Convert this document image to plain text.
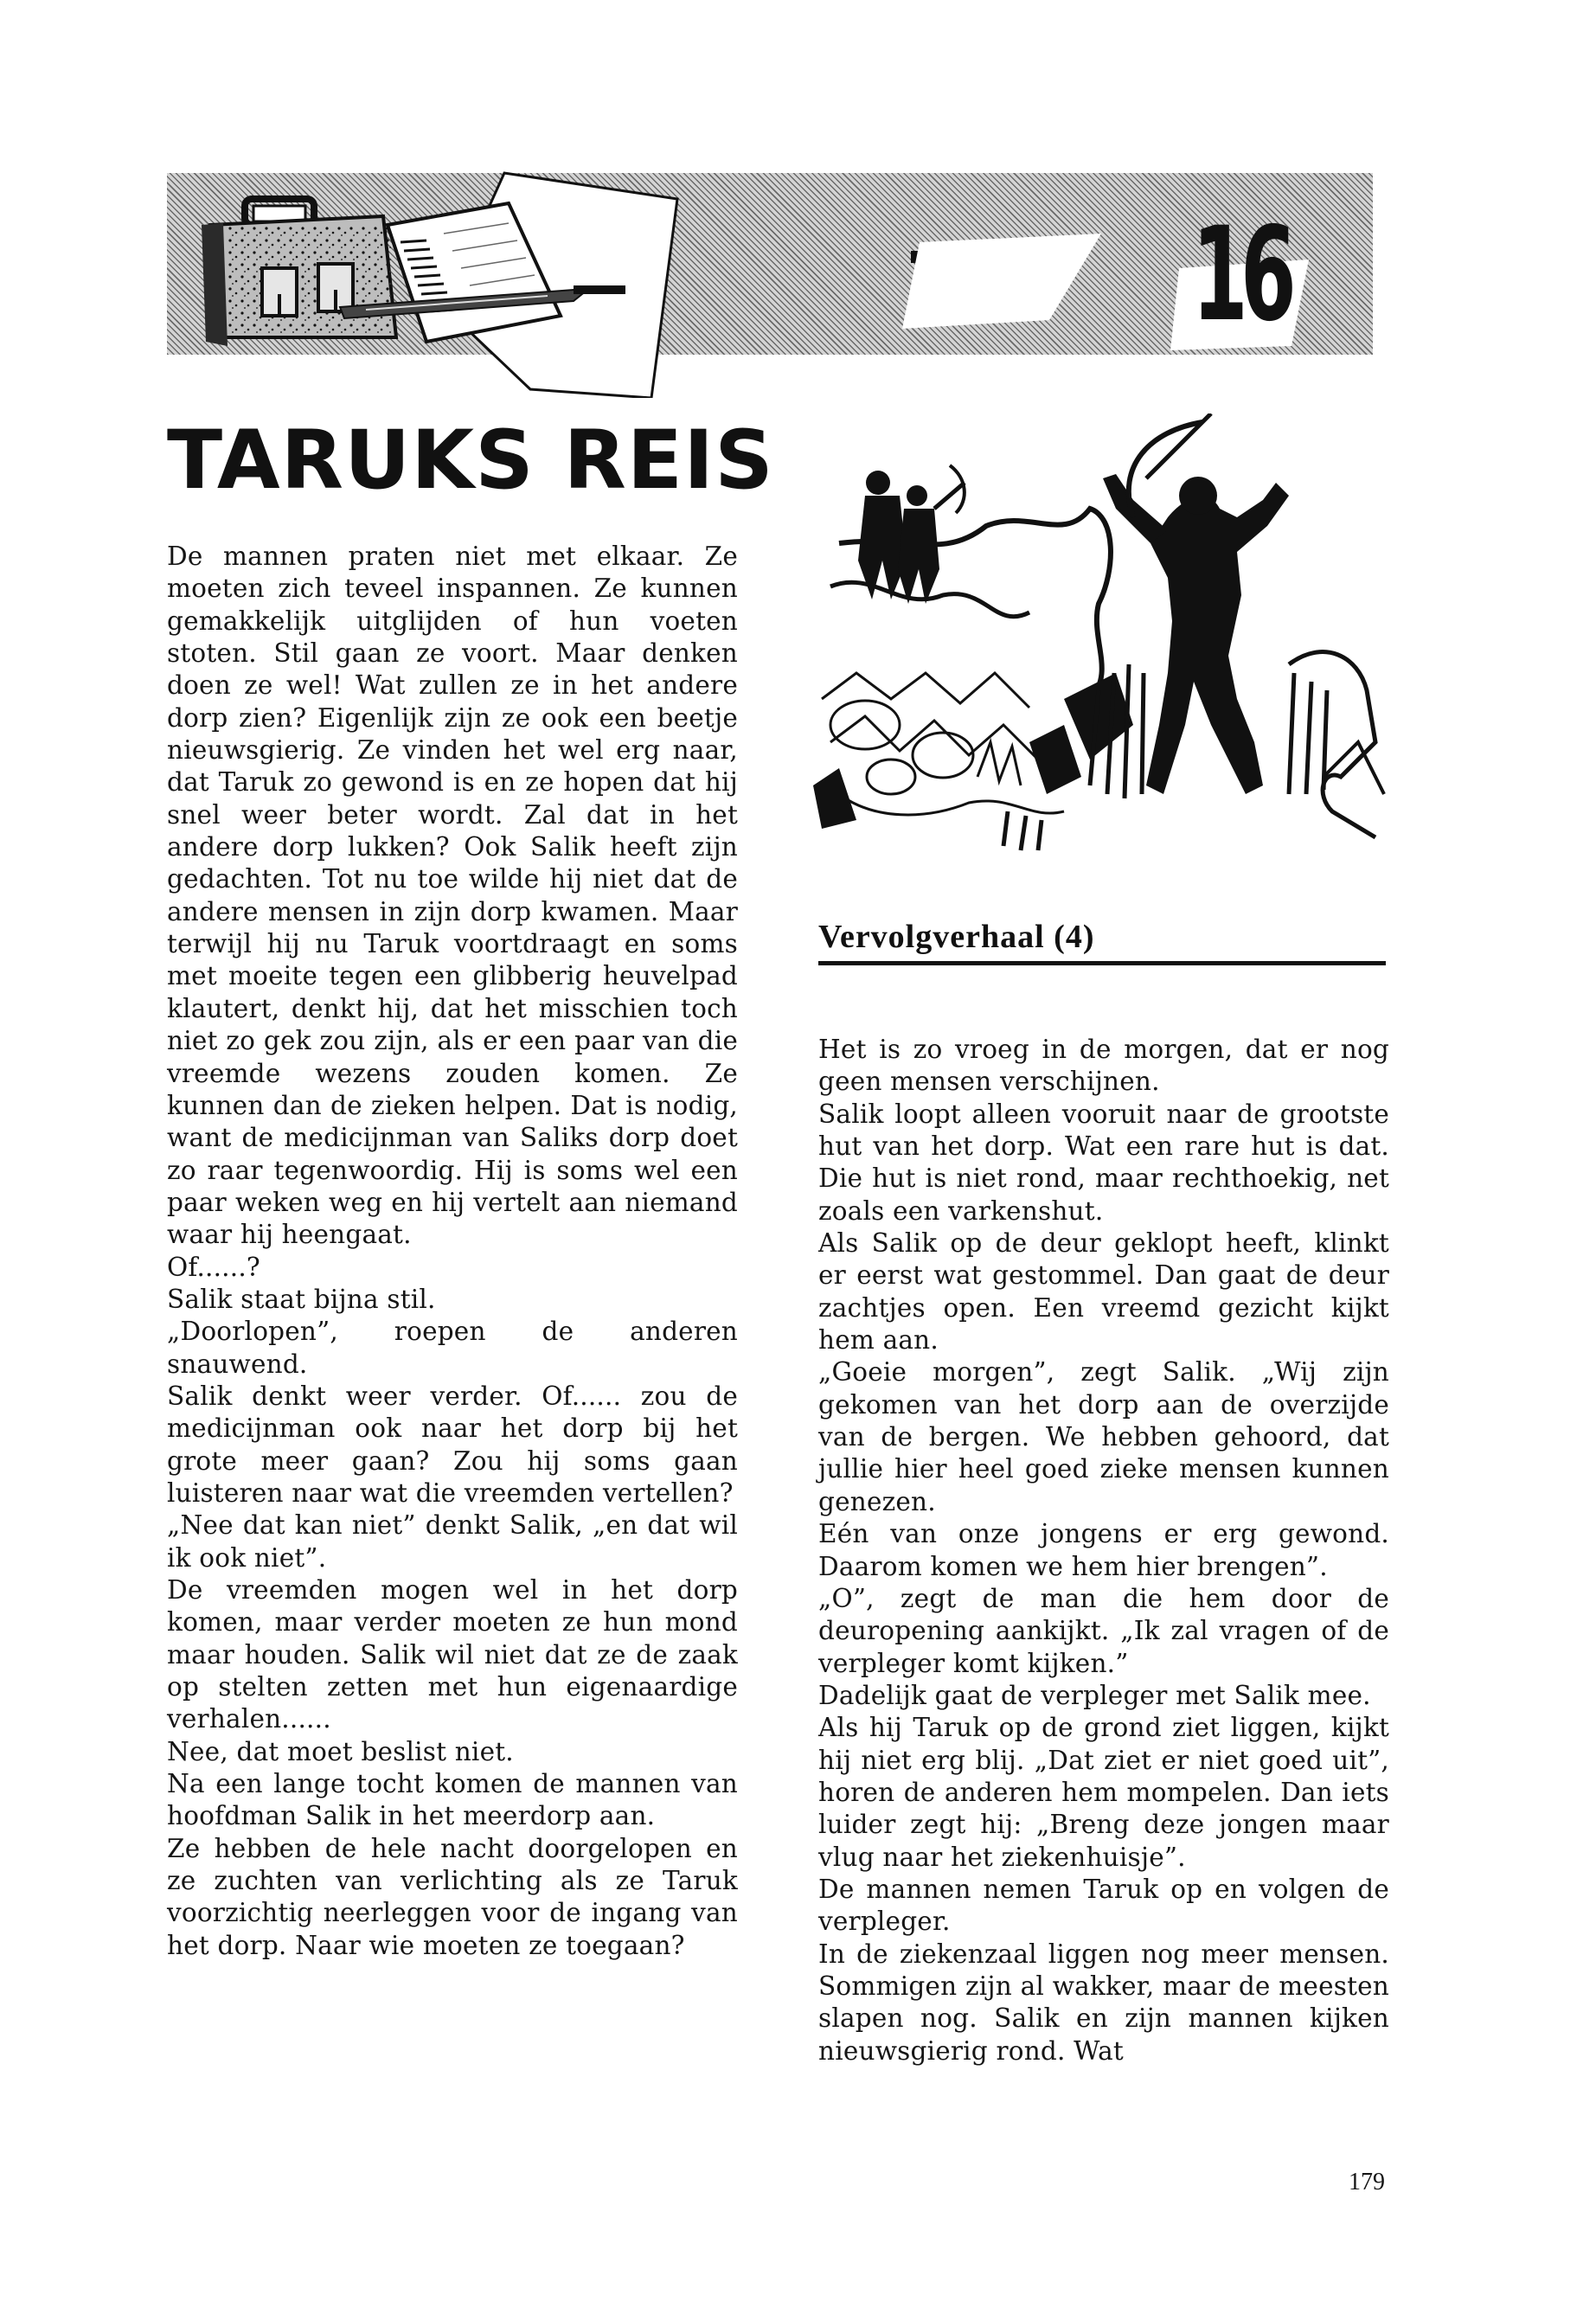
16
TARUKS REIS

De mannen praten niet met elkaar. Ze moeten zich teveel inspannen. Ze kunnen gemakkelijk uitglijden of hun voeten stoten. Stil gaan ze voort. Maar denken doen ze wel! Wat zullen ze in het andere dorp zien? Eigenlijk zijn ze ook een beetje nieuwsgierig. Ze vinden het wel erg naar, dat Taruk zo gewond is en ze hopen dat hij snel weer beter wordt. Zal dat in het andere dorp lukken? Ook Salik heeft zijn gedachten. Tot nu toe wilde hij niet dat de andere mensen in zijn dorp kwamen. Maar terwijl hij nu Taruk voortdraagt en soms met moeite tegen een glibberig heuvelpad klautert, denkt hij, dat het misschien toch niet zo gek zou zijn, als er een paar van die vreemde wezens zouden komen. Ze kunnen dan de zieken helpen. Dat is nodig, want de medicijnman van Saliks dorp doet zo raar tegenwoordig. Hij is soms wel een paar weken weg en hij vertelt aan niemand waar hij heengaat.

Of......?

Salik staat bijna stil.

„Doorlopen”, roepen de anderen snauwend.

Salik denkt weer verder. Of...... zou de medicijnman ook naar het dorp bij het grote meer gaan? Zou hij soms gaan luisteren naar wat die vreemden vertellen?

„Nee dat kan niet” denkt Salik, „en dat wil ik ook niet”.

De vreemden mogen wel in het dorp komen, maar verder moeten ze hun mond maar houden. Salik wil niet dat ze de zaak op stelten zetten met hun eigenaardige verhalen......

Nee, dat moet beslist niet.

Na een lange tocht komen de mannen van hoofdman Salik in het meerdorp aan.

Ze hebben de hele nacht doorgelopen en ze zuchten van verlichting als ze Taruk voorzichtig neerleggen voor de ingang van het dorp. Naar wie moeten ze toegaan?

Vervolgverhaal (4)

Het is zo vroeg in de morgen, dat er nog geen mensen verschijnen.

Salik loopt alleen vooruit naar de grootste hut van het dorp. Wat een rare hut is dat. Die hut is niet rond, maar rechthoekig, net zoals een varkenshut.

Als Salik op de deur geklopt heeft, klinkt er eerst wat gestommel. Dan gaat de deur zachtjes open. Een vreemd gezicht kijkt hem aan.

„Goeie morgen”, zegt Salik. „Wij zijn gekomen van het dorp aan de overzijde van de bergen. We hebben gehoord, dat jullie hier heel goed zieke mensen kunnen genezen.

Eén van onze jongens er erg gewond. Daarom komen we hem hier brengen”.

„O”, zegt de man die hem door de deuropening aankijkt. „Ik zal vragen of de verpleger komt kijken.”

Dadelijk gaat de verpleger met Salik mee.

Als hij Taruk op de grond ziet liggen, kijkt hij niet erg blij. „Dat ziet er niet goed uit”, horen de anderen hem mompelen. Dan iets luider zegt hij: „Breng deze jongen maar vlug naar het ziekenhuisje”.

De mannen nemen Taruk op en volgen de verpleger.

In de ziekenzaal liggen nog meer mensen. Sommigen zijn al wakker, maar de meesten slapen nog. Salik en zijn mannen kijken nieuwsgierig rond. Wat

179
